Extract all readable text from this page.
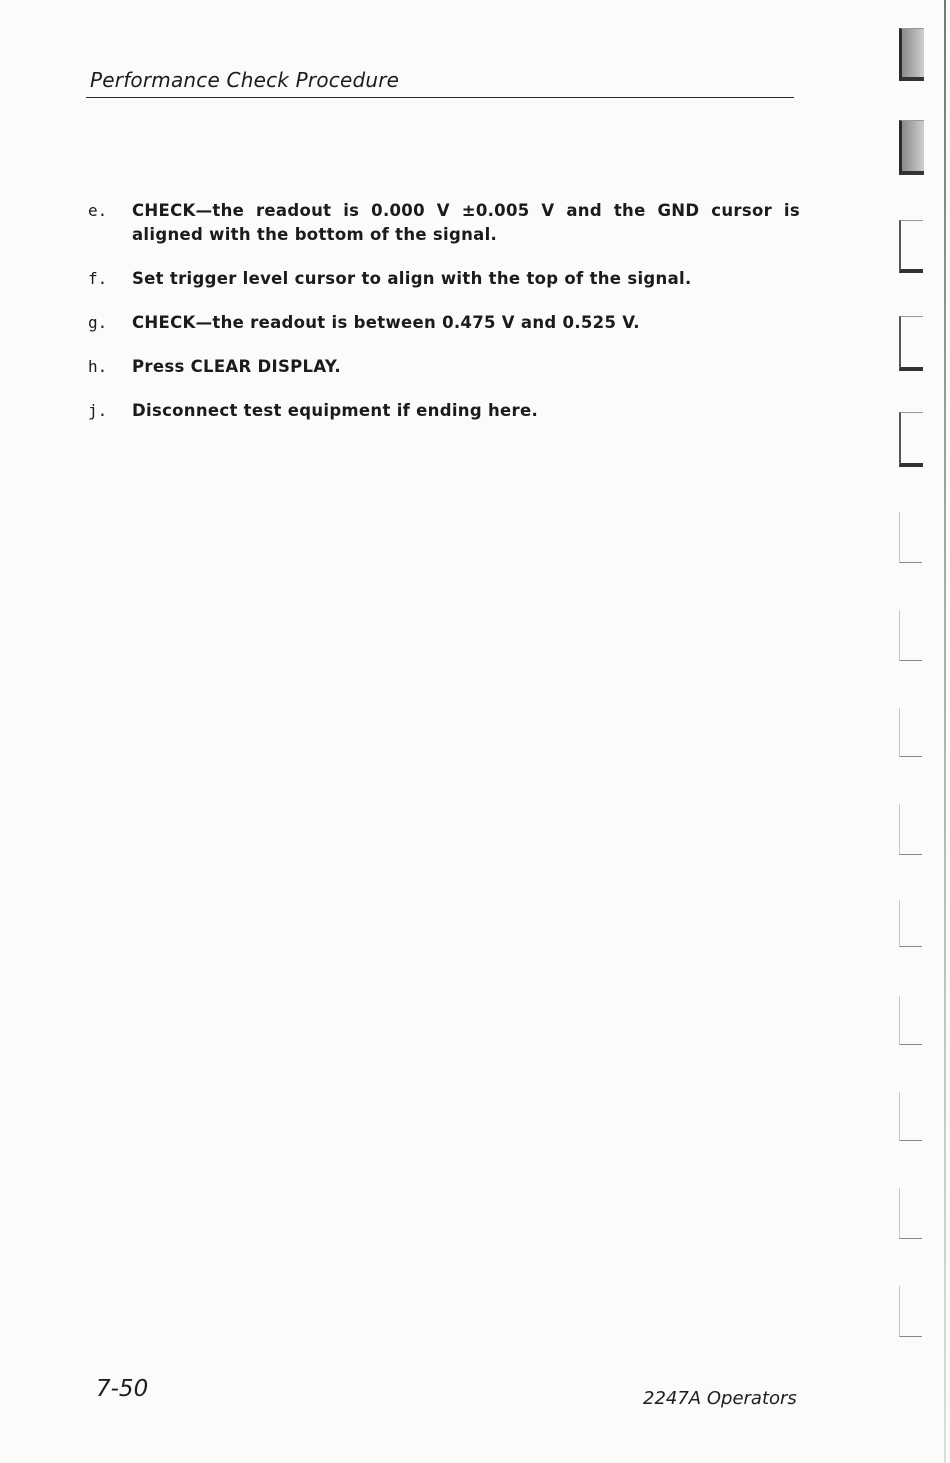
Performance Check Procedure
e.	CHECK—the readout is 0.000 V ±0.005 V and the GND cursor is aligned with the bottom of the signal.
f.	Set trigger level cursor to align with the top of the signal.
g.	CHECK—the readout is between 0.475 V and 0.525 V.
h.	Press CLEAR DISPLAY.
j.	Disconnect test equipment if ending here.
7-50	2247A Operators
